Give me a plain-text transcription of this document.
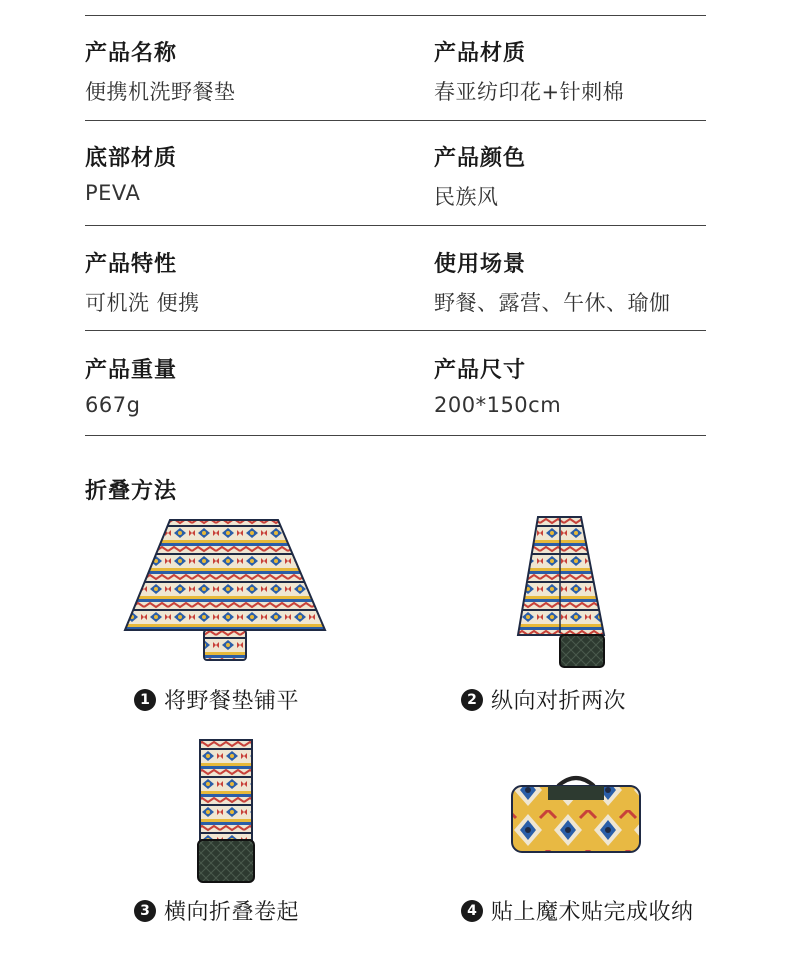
产品名称
便携机洗野餐垫
产品材质
春亚纺印花+针刺棉
底部材质
PEVA
产品颜色
民族风
产品特性
可机洗 便携
使用场景
野餐、露营、午休、瑜伽
产品重量
667g
产品尺寸
200*150cm
折叠方法
1 将野餐垫铺平	2 纵向对折两次
3 横向折叠卷起	4 贴上魔术贴完成收纳
